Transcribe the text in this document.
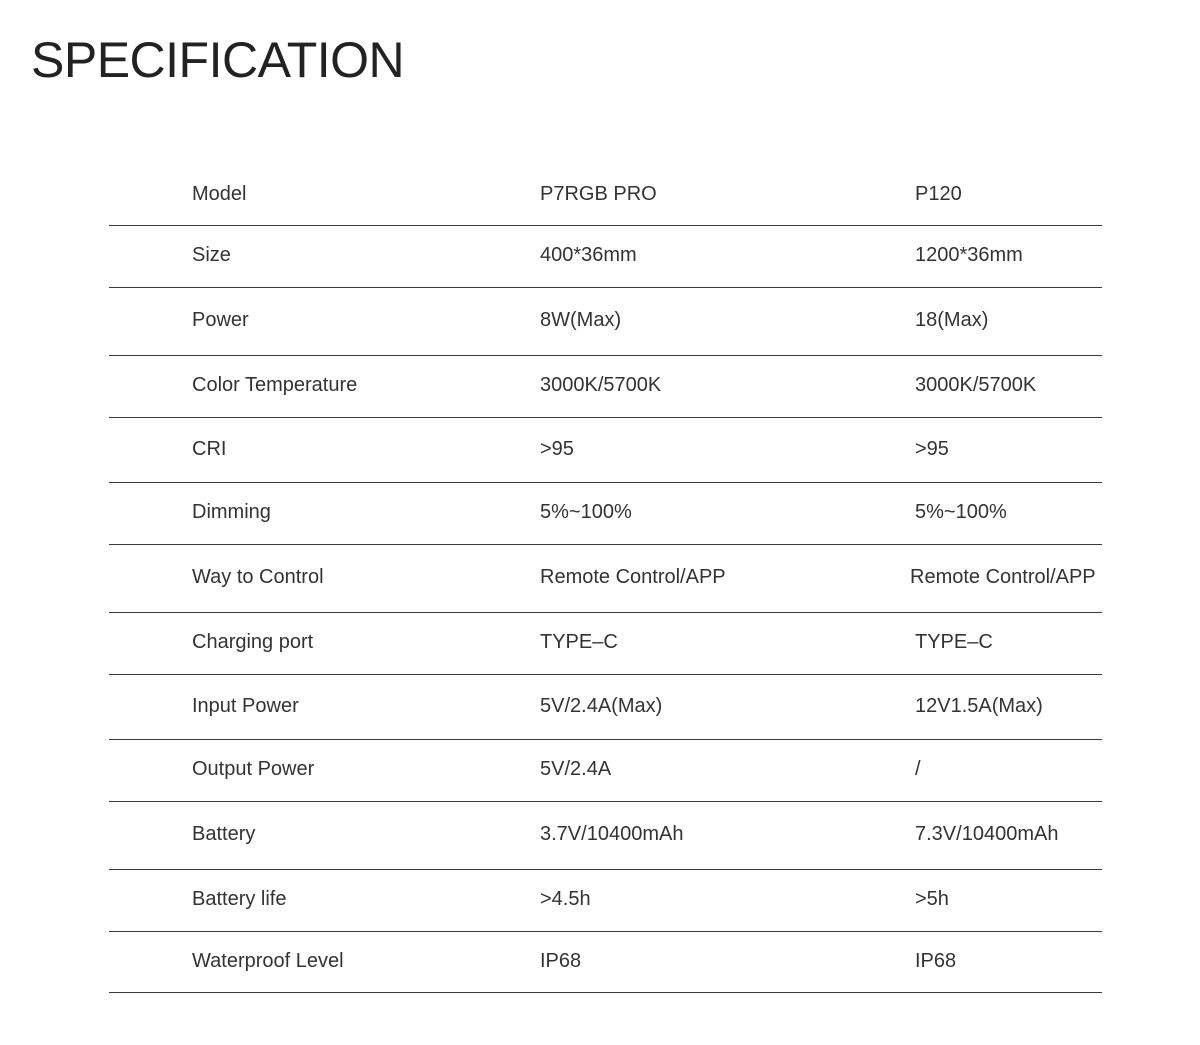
SPECIFICATION
Model	P7RGB PRO	P120
Size	400*36mm	1200*36mm
Power	8W(Max)	18(Max)
Color Temperature	3000K/5700K	3000K/5700K
CRI	>95	>95
Dimming	5%~100%	5%~100%
Way to Control	Remote Control/APP	Remote Control/APP
Charging port	TYPE–C	TYPE–C
Input Power	5V/2.4A(Max)	12V1.5A(Max)
Output Power	5V/2.4A	/
Battery	3.7V/10400mAh	7.3V/10400mAh
Battery life	>4.5h	>5h
Waterproof Level	IP68	IP68
